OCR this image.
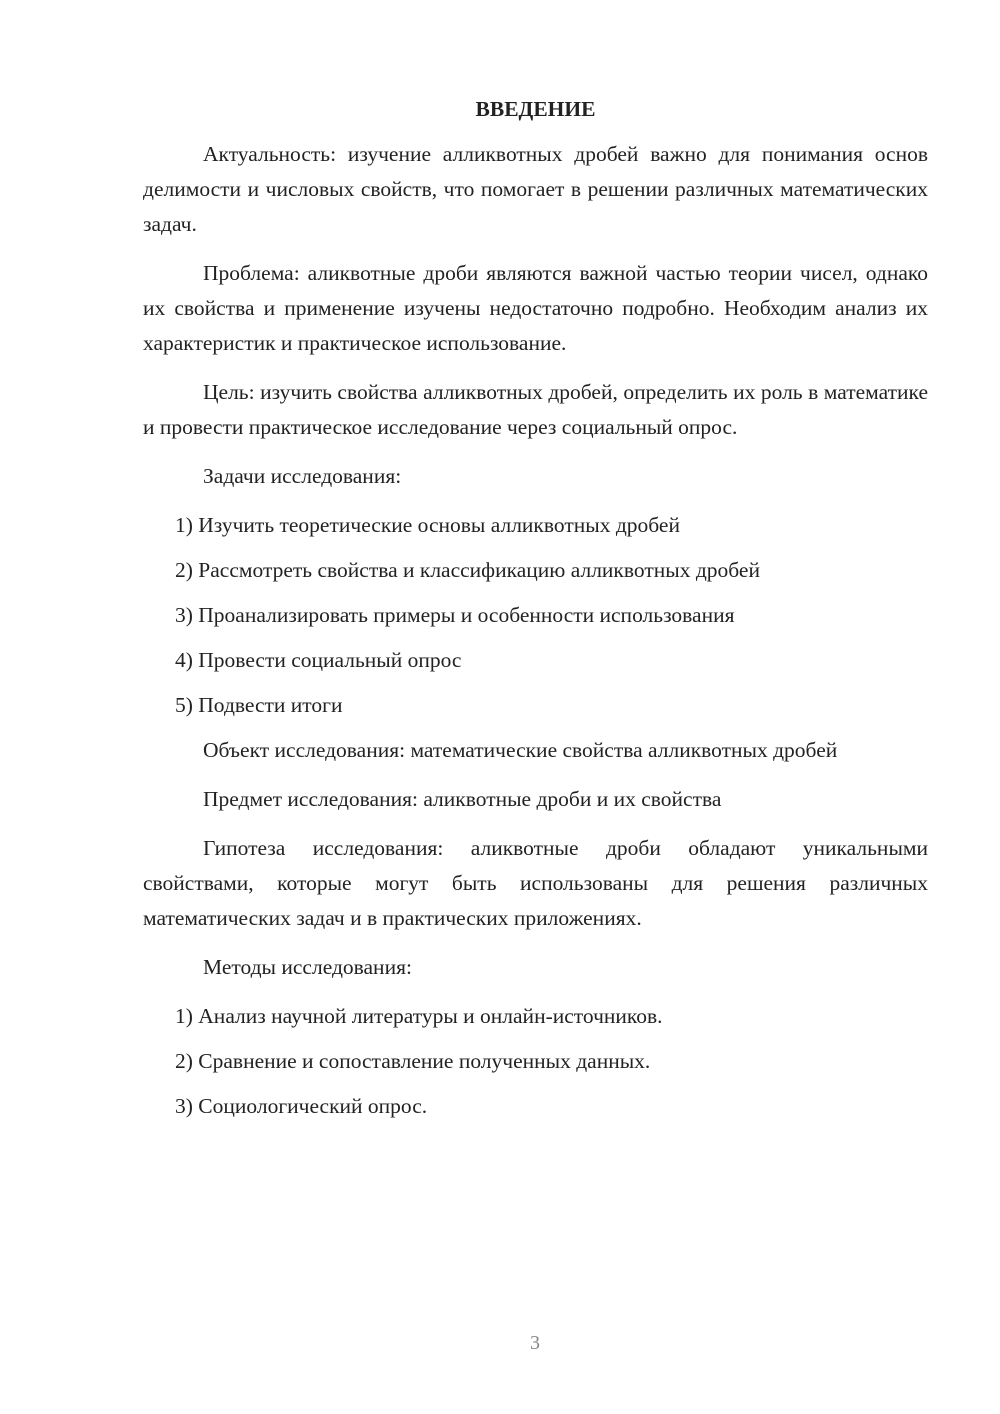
ВВЕДЕНИЕ

Актуальность: изучение алликвотных дробей важно для понимания основ делимости и числовых свойств, что помогает в решении различных математических задач.

Проблема: аликвотные дроби являются важной частью теории чисел, однако их свойства и применение изучены недостаточно подробно. Необходим анализ их характеристик и практическое использование.

Цель: изучить свойства алликвотных дробей, определить их роль в математике и провести практическое исследование через социальный опрос.

Задачи исследования:

1) Изучить теоретические основы алликвотных дробей
2) Рассмотреть свойства и классификацию алликвотных дробей
3) Проанализировать примеры и особенности использования
4) Провести социальный опрос
5) Подвести итоги

Объект исследования: математические свойства алликвотных дробей

Предмет исследования: аликвотные дроби и их свойства

Гипотеза исследования: аликвотные дроби обладают уникальными свойствами, которые могут быть использованы для решения различных математических задач и в практических приложениях.

Методы исследования:

1) Анализ научной литературы и онлайн-источников.
2) Сравнение и сопоставление полученных данных.
3) Социологический опрос.
3
